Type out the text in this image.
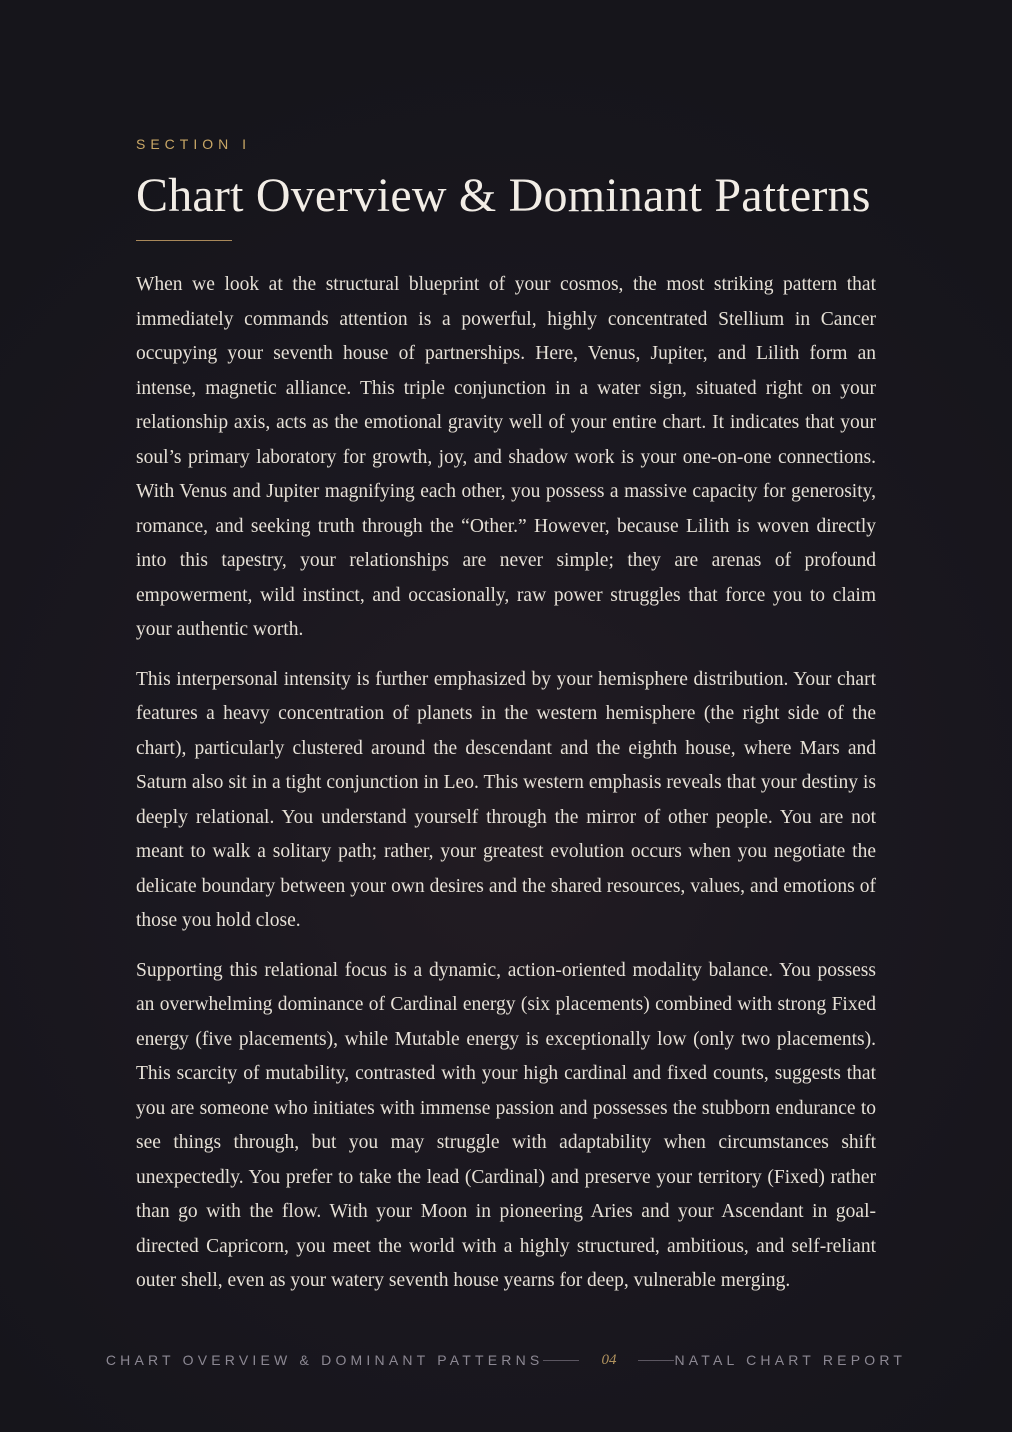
SECTION I

Chart Overview & Dominant Patterns

When we look at the structural blueprint of your cosmos, the most striking pattern that immediately commands attention is a powerful, highly concentrated Stellium in Cancer occupying your seventh house of partnerships. Here, Venus, Jupiter, and Lilith form an intense, magnetic alliance. This triple conjunction in a water sign, situated right on your relationship axis, acts as the emotional gravity well of your entire chart. It indicates that your soul’s primary laboratory for growth, joy, and shadow work is your one-on-one connections. With Venus and Jupiter magnifying each other, you possess a massive capacity for generosity, romance, and seeking truth through the “Other.” However, because Lilith is woven directly into this tapestry, your relationships are never simple; they are arenas of profound empowerment, wild instinct, and occasionally, raw power struggles that force you to claim your authentic worth.

This interpersonal intensity is further emphasized by your hemisphere distribution. Your chart features a heavy concentration of planets in the western hemisphere (the right side of the chart), particularly clustered around the descendant and the eighth house, where Mars and Saturn also sit in a tight conjunction in Leo. This western emphasis reveals that your destiny is deeply relational. You understand yourself through the mirror of other people. You are not meant to walk a solitary path; rather, your greatest evolution occurs when you negotiate the delicate boundary between your own desires and the shared resources, values, and emotions of those you hold close.

Supporting this relational focus is a dynamic, action-oriented modality balance. You possess an overwhelming dominance of Cardinal energy (six placements) combined with strong Fixed energy (five placements), while Mutable energy is exceptionally low (only two placements). This scarcity of mutability, contrasted with your high cardinal and fixed counts, suggests that you are someone who initiates with immense passion and possesses the stubborn endurance to see things through, but you may struggle with adaptability when circumstances shift unexpectedly. You prefer to take the lead (Cardinal) and preserve your territory (Fixed) rather than go with the flow. With your Moon in pioneering Aries and your Ascendant in goal-directed Capricorn, you meet the world with a highly structured, ambitious, and self-reliant outer shell, even as your watery seventh house yearns for deep, vulnerable merging.

CHART OVERVIEW & DOMINANT PATTERNS	04	NATAL CHART REPORT
